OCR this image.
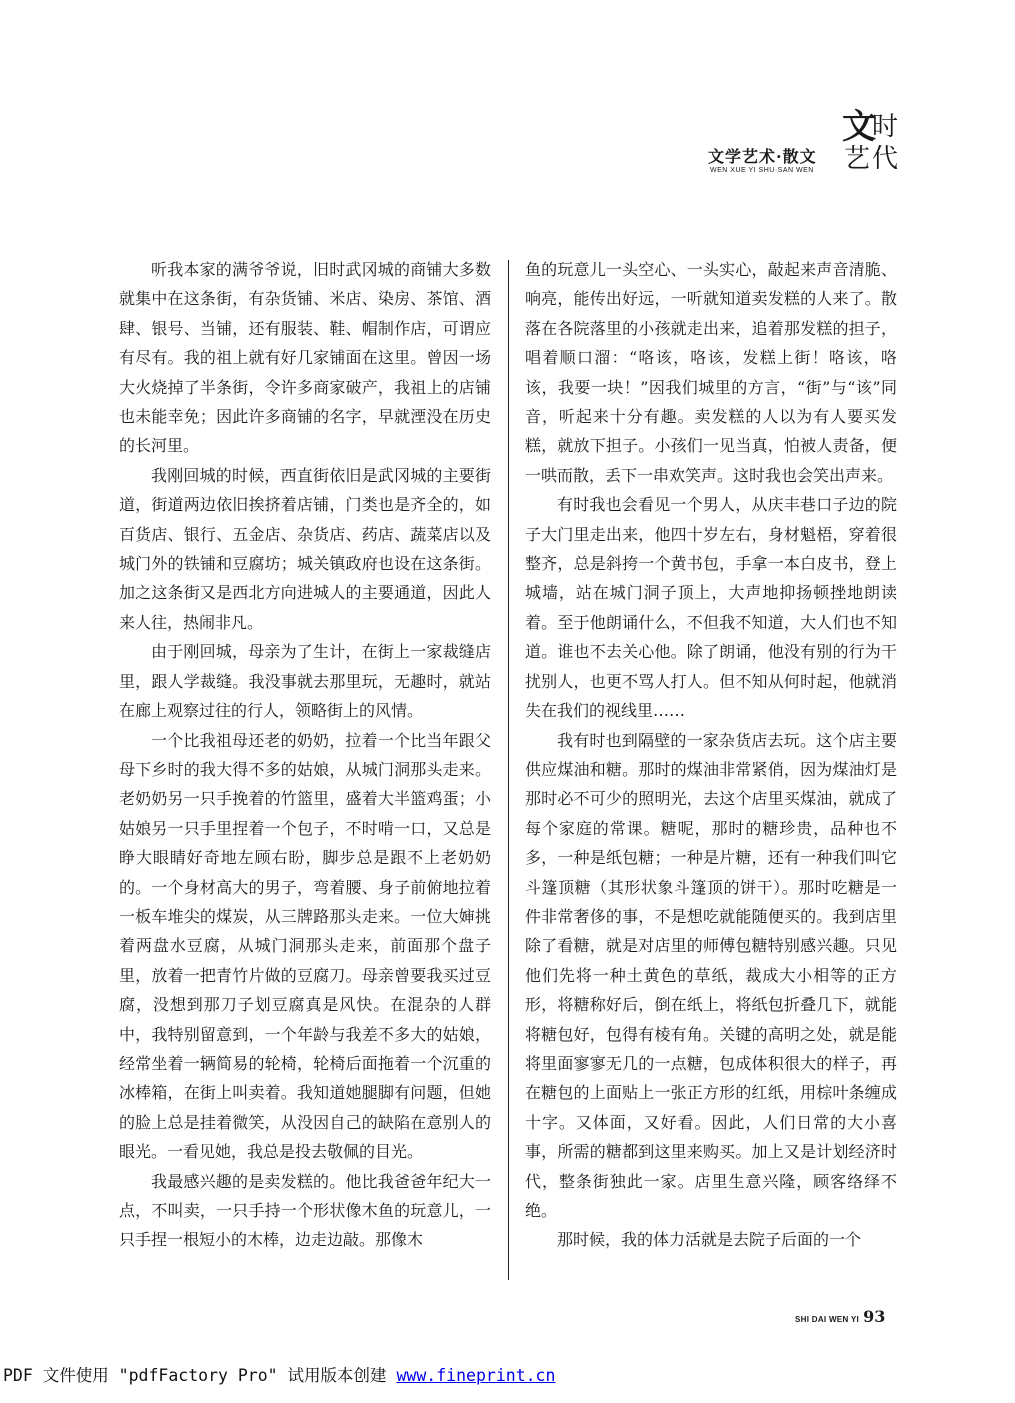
文学艺术·散文
WEN XUE YI SHU·SAN WEN
文
时
艺 代

听我本家的满爷爷说，旧时武冈城的商铺大多数就集中在这条街，有杂货铺、米店、染房、茶馆、酒肆、银号、当铺，还有服装、鞋、帽制作店，可谓应有尽有。我的祖上就有好几家铺面在这里。曾因一场大火烧掉了半条街，令许多商家破产，我祖上的店铺也未能幸免；因此许多商铺的名字，早就湮没在历史的长河里。

我刚回城的时候，西直街依旧是武冈城的主要街道，街道两边依旧挨挤着店铺，门类也是齐全的，如百货店、银行、五金店、杂货店、药店、蔬菜店以及城门外的铁铺和豆腐坊；城关镇政府也设在这条街。加之这条街又是西北方向进城人的主要通道，因此人来人往，热闹非凡。

由于刚回城，母亲为了生计，在街上一家裁缝店里，跟人学裁缝。我没事就去那里玩，无趣时，就站在廊上观察过往的行人，领略街上的风情。

一个比我祖母还老的奶奶，拉着一个比当年跟父母下乡时的我大得不多的姑娘，从城门洞那头走来。老奶奶另一只手挽着的竹篮里，盛着大半篮鸡蛋；小姑娘另一只手里捏着一个包子，不时啃一口，又总是睁大眼睛好奇地左顾右盼，脚步总是跟不上老奶奶的。一个身材高大的男子，弯着腰、身子前俯地拉着一板车堆尖的煤炭，从三牌路那头走来。一位大婶挑着两盘水豆腐，从城门洞那头走来，前面那个盘子里，放着一把青竹片做的豆腐刀。母亲曾要我买过豆腐，没想到那刀子划豆腐真是风快。在混杂的人群中，我特别留意到，一个年龄与我差不多大的姑娘，经常坐着一辆简易的轮椅，轮椅后面拖着一个沉重的冰棒箱，在街上叫卖着。我知道她腿脚有问题，但她的脸上总是挂着微笑，从没因自己的缺陷在意别人的眼光。一看见她，我总是投去敬佩的目光。

我最感兴趣的是卖发糕的。他比我爸爸年纪大一点，不叫卖，一只手持一个形状像木鱼的玩意儿，一只手捏一根短小的木棒，边走边敲。那像木

鱼的玩意儿一头空心、一头实心，敲起来声音清脆、响亮，能传出好远，一听就知道卖发糕的人来了。散落在各院落里的小孩就走出来，追着那发糕的担子，唱着顺口溜：“咯该，咯该，发糕上街！咯该，咯该，我要一块！”因我们城里的方言，“街”与“该”同音，听起来十分有趣。卖发糕的人以为有人要买发糕，就放下担子。小孩们一见当真，怕被人责备，便一哄而散，丢下一串欢笑声。这时我也会笑出声来。

有时我也会看见一个男人，从庆丰巷口子边的院子大门里走出来，他四十岁左右，身材魁梧，穿着很整齐，总是斜挎一个黄书包，手拿一本白皮书，登上城墙，站在城门洞子顶上，大声地抑扬顿挫地朗读着。至于他朗诵什么，不但我不知道，大人们也不知道。谁也不去关心他。除了朗诵，他没有别的行为干扰别人，也更不骂人打人。但不知从何时起，他就消失在我们的视线里……

我有时也到隔壁的一家杂货店去玩。这个店主要供应煤油和糖。那时的煤油非常紧俏，因为煤油灯是那时必不可少的照明光，去这个店里买煤油，就成了每个家庭的常课。糖呢，那时的糖珍贵，品种也不多，一种是纸包糖；一种是片糖，还有一种我们叫它斗篷顶糖（其形状象斗篷顶的饼干）。那时吃糖是一件非常奢侈的事，不是想吃就能随便买的。我到店里除了看糖，就是对店里的师傅包糖特别感兴趣。只见他们先将一种土黄色的草纸，裁成大小相等的正方形，将糖称好后，倒在纸上，将纸包折叠几下，就能将糖包好，包得有棱有角。关键的高明之处，就是能将里面寥寥无几的一点糖，包成体积很大的样子，再在糖包的上面贴上一张正方形的红纸，用棕叶条缠成十字。又体面，又好看。因此，人们日常的大小喜事，所需的糖都到这里来购买。加上又是计划经济时代，整条街独此一家。店里生意兴隆，顾客络绎不绝。

那时候，我的体力活就是去院子后面的一个

SHI DAI WEN YI 93
PDF 文件使用 "pdfFactory Pro" 试用版本创建 www.fineprint.cn
